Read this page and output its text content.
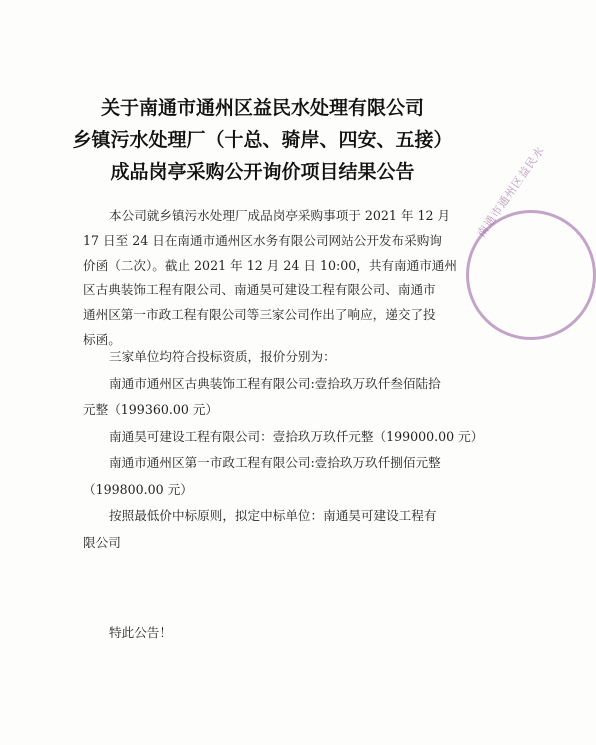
关于南通市通州区益民水处理有限公司
乡镇污水处理厂（十总、骑岸、四安、五接）
成品岗亭采购公开询价项目结果公告
本公司就乡镇污水处理厂成品岗亭采购事项于 2021 年 12 月
17 日至 24 日在南通市通州区水务有限公司网站公开发布采购询
价函（二次）。截止 2021 年 12 月 24 日 10:00，共有南通市通州
区古典装饰工程有限公司、南通昊可建设工程有限公司、南通市
通州区第一市政工程有限公司等三家公司作出了响应，递交了投
标函。
三家单位均符合投标资质，报价分别为：
南通市通州区古典装饰工程有限公司:壹拾玖万玖仟叁佰陆拾
元整（199360.00 元）
南通昊可建设工程有限公司：壹拾玖万玖仟元整（199000.00 元）
南通市通州区第一市政工程有限公司:壹拾玖万玖仟捌佰元整
（199800.00 元）
按照最低价中标原则，拟定中标单位：南通昊可建设工程有
限公司
特此公告！
南通市通州区益民水
